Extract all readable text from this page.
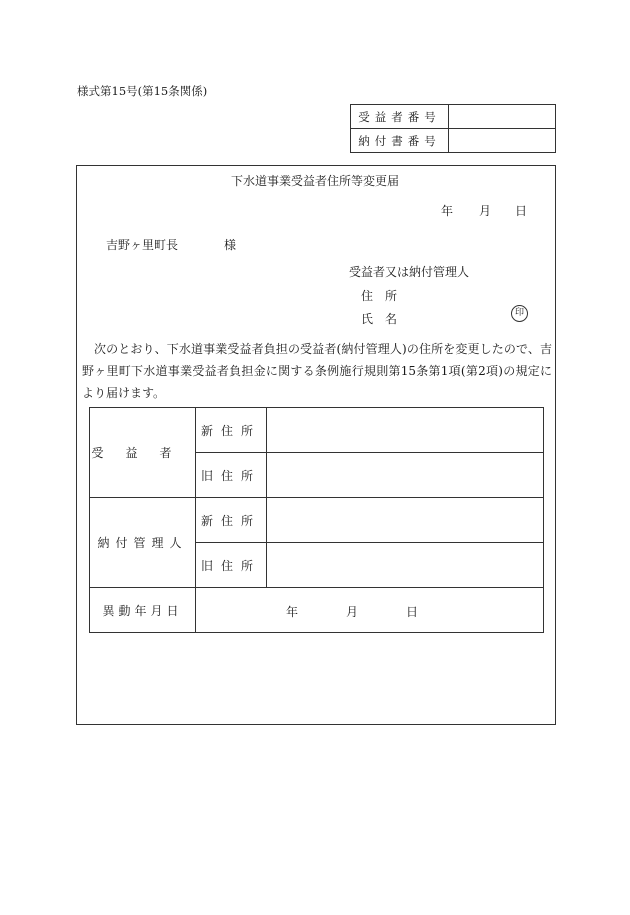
様式第15号(第15条関係)
受益者番号	
納付書番号	
下水道事業受益者住所等変更届
年 月 日
吉野ヶ里町長	様
受益者又は納付管理人
住所
氏名	印
次のとおり、下水道事業受益者負担の受益者(納付管理人)の住所を変更したので、吉野ヶ里町下水道事業受益者負担金に関する条例施行規則第15条第1項(第2項)の規定により届けます。
受益者	新住所	
	旧住所	
納付管理人	新住所	
	旧住所	
異動年月日	年 月 日	
